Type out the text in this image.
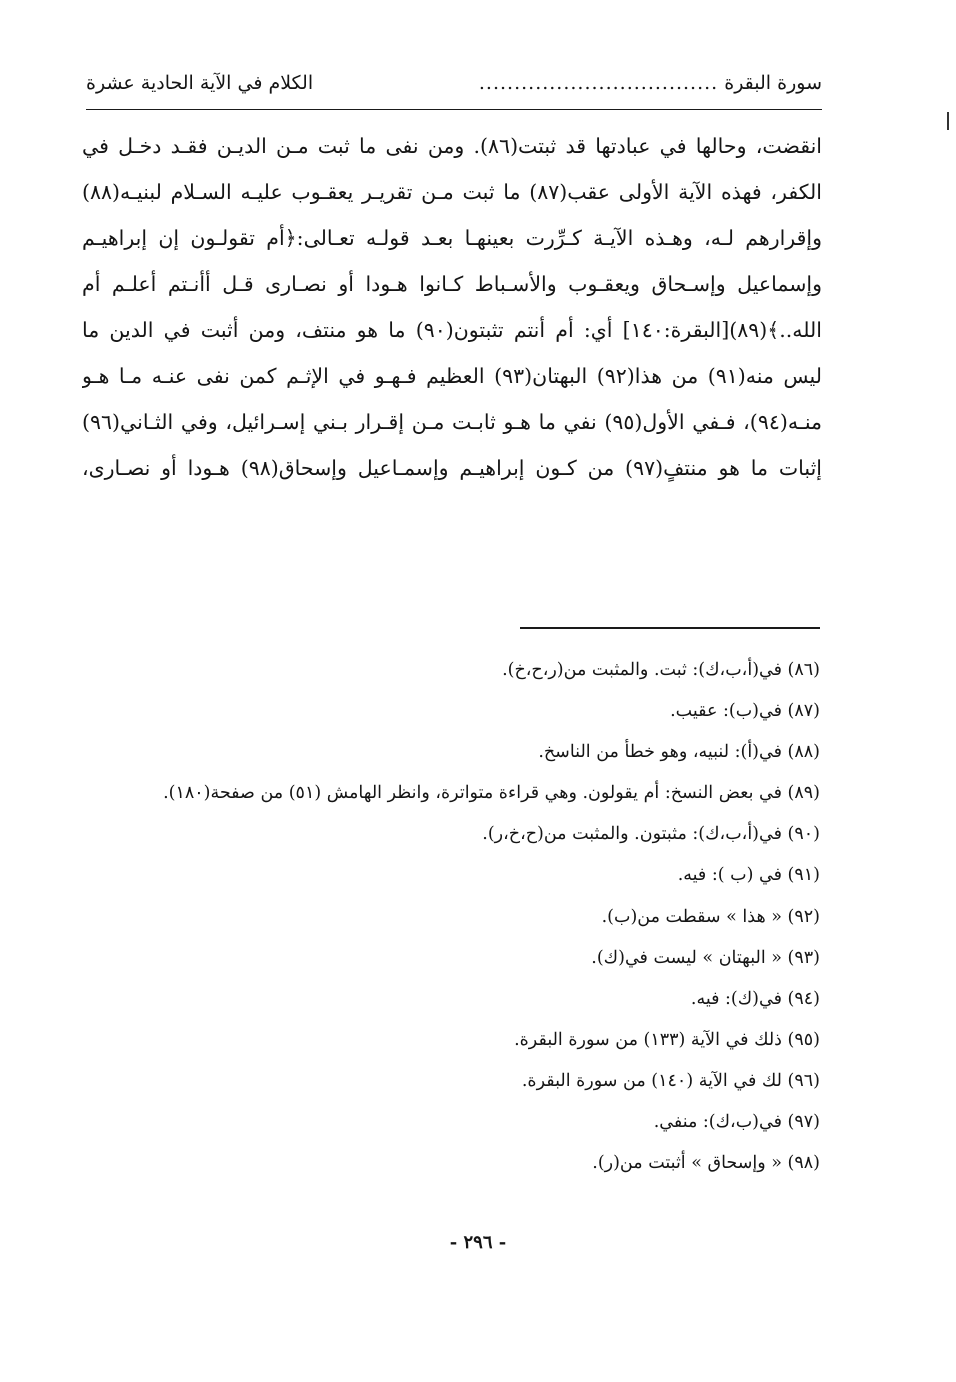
سورة البقرة
..................................
الكلام في الآية الحادية عشرة
انقضت، وحالها في عبادتها قد ثبتت(٨٦). ومن نفى ما ثبت مـن الديـن فقـد دخـل في
الكفر، فهذه الآية الأولى عقب(٨٧) ما ثبت مـن تقريـر يعقـوب عليـه السـلام لبنيـه(٨٨)
وإقرارهم لـه، وهـذه الآيـة كـرِّرت بعينهـا بعـد قولـه تعـالى:﴿أم تقولـون إن إبراهيـم
وإسماعيل وإسـحاق ويعقـوب والأسـباط كـانوا هـودا أو نصـارى قـل أأنـتم أعلـم أم
الله..﴾(٨٩)[البقرة:١٤٠] أي: أم أنتم تثبتون(٩٠) ما هو منتف، ومن أثبت في الدين ما
ليس منه(٩١) من هذا(٩٢) البهتان(٩٣) العظيم فـهـو في الإثـم كمن نفى عنـه مـا هـو
منـه(٩٤)، فـفي الأول(٩٥) نفي ما هـو ثابـت مـن إقـرار بـني إسـرائيل، وفي الثـاني(٩٦)
إثبات ما هو منتفٍ(٩٧) من كـون إبراهيـم وإسمـاعيل وإسحاق(٩٨) هـودا أو نصـارى،
(٨٦) في(أ،ب،ك): ثبت. والمثبت من(ر،ح،خ).
(٨٧) في(ب): عقيب.
(٨٨) في(أ): لنبيه، وهو خطأ من الناسخ.
(٨٩) في بعض النسخ: أم يقولون. وهي قراءة متواترة، وانظر الهامش (٥١) من صفحة(١٨٠).
(٩٠) في(أ،ب،ك): مثبتون. والمثبت من(ح،خ،ر).
(٩١) في (ب ): فيه.
(٩٢) « هذا » سقطت من(ب).
(٩٣) « البهتان » ليست في(ك).
(٩٤) في(ك): فيه.
(٩٥) ذلك في الآية (١٣٣) من سورة البقرة.
(٩٦) لك في الآية (١٤٠) من سورة البقرة.
(٩٧) في(ب،ك): منفي.
(٩٨) « وإسحاق » أثبتت من(ر).
- ٢٩٦ -
